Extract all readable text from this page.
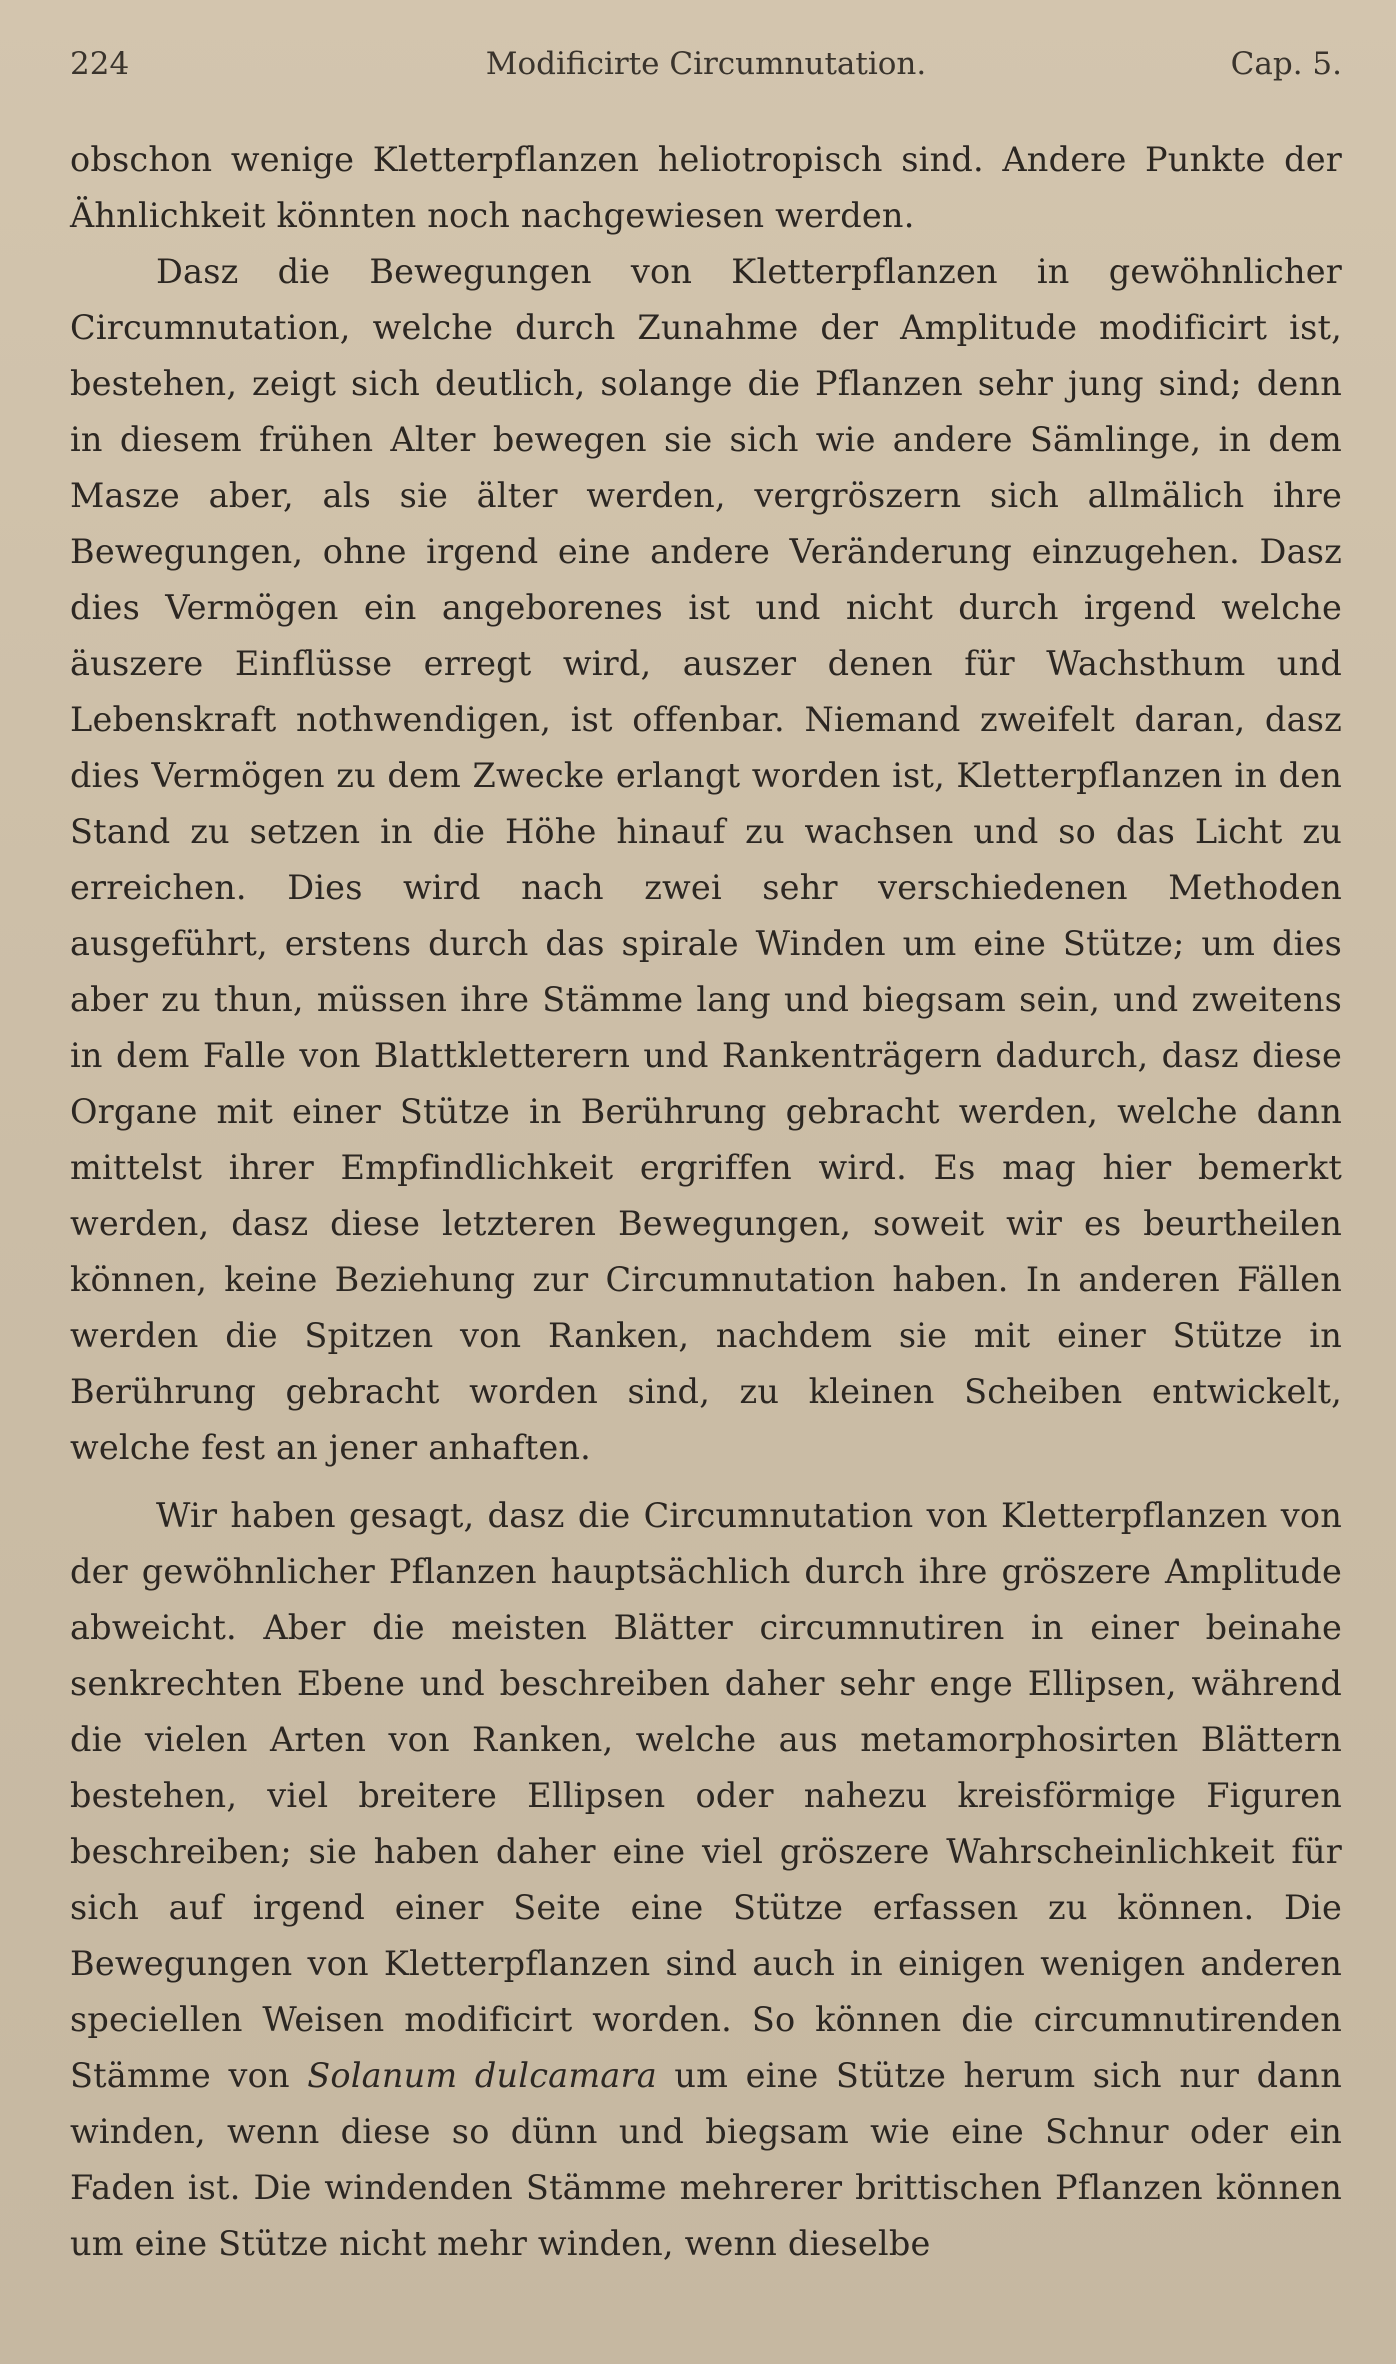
224	Modificirte Circumnutation.	Cap. 5.

obschon wenige Kletterpflanzen heliotropisch sind. Andere Punkte der Ähnlichkeit könnten noch nachgewiesen werden.

Dasz die Bewegungen von Kletterpflanzen in gewöhnlicher Circumnutation, welche durch Zunahme der Amplitude modificirt ist, bestehen, zeigt sich deutlich, solange die Pflanzen sehr jung sind; denn in diesem frühen Alter bewegen sie sich wie andere Sämlinge, in dem Masze aber, als sie älter werden, vergröszern sich allmälich ihre Bewegungen, ohne irgend eine andere Veränderung einzugehen. Dasz dies Vermögen ein angeborenes ist und nicht durch irgend welche äuszere Einflüsse erregt wird, auszer denen für Wachsthum und Lebenskraft nothwendigen, ist offenbar. Niemand zweifelt daran, dasz dies Vermögen zu dem Zwecke erlangt worden ist, Kletterpflanzen in den Stand zu setzen in die Höhe hinauf zu wachsen und so das Licht zu erreichen. Dies wird nach zwei sehr verschiedenen Methoden ausgeführt, erstens durch das spirale Winden um eine Stütze; um dies aber zu thun, müssen ihre Stämme lang und biegsam sein, und zweitens in dem Falle von Blattkletterern und Rankenträgern dadurch, dasz diese Organe mit einer Stütze in Berührung gebracht werden, welche dann mittelst ihrer Empfindlichkeit ergriffen wird. Es mag hier bemerkt werden, dasz diese letzteren Bewegungen, soweit wir es beurtheilen können, keine Beziehung zur Circumnutation haben. In anderen Fällen werden die Spitzen von Ranken, nachdem sie mit einer Stütze in Berührung gebracht worden sind, zu kleinen Scheiben entwickelt, welche fest an jener anhaften.

Wir haben gesagt, dasz die Circumnutation von Kletterpflanzen von der gewöhnlicher Pflanzen hauptsächlich durch ihre gröszere Amplitude abweicht. Aber die meisten Blätter circumnutiren in einer beinahe senkrechten Ebene und beschreiben daher sehr enge Ellipsen, während die vielen Arten von Ranken, welche aus metamorphosirten Blättern bestehen, viel breitere Ellipsen oder nahezu kreisförmige Figuren beschreiben; sie haben daher eine viel gröszere Wahrscheinlichkeit für sich auf irgend einer Seite eine Stütze erfassen zu können. Die Bewegungen von Kletterpflanzen sind auch in einigen wenigen anderen speciellen Weisen modificirt worden. So können die circumnutirenden Stämme von Solanum dulcamara um eine Stütze herum sich nur dann winden, wenn diese so dünn und biegsam wie eine Schnur oder ein Faden ist. Die windenden Stämme mehrerer brittischen Pflanzen können um eine Stütze nicht mehr winden, wenn dieselbe
